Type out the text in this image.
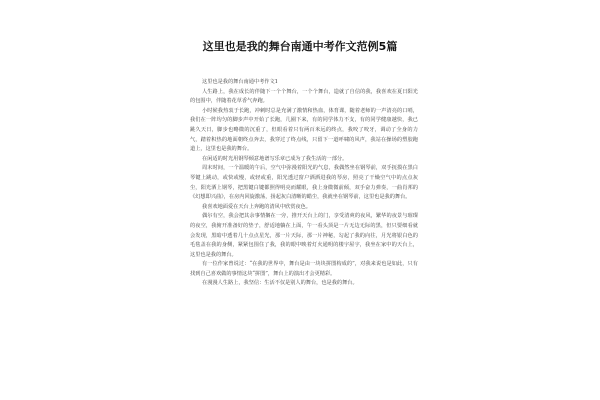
这里也是我的舞台南通中考作文范例5篇

这里也是我的舞台南通中考作文1

人生路上，我在成长的伴随下一个个舞台，一个个舞台，造就了自信的我，我喜欢在夏日阳光的包围中，伴随着花草香气奔跑。

小时候我热衷于长跑，冲刺时总是充满了激情和热血，体育课，随着老师的一声清亮的口哨，我们在一阵均匀的脚步声中开始了长跑，几圈下来，有的同学体力不支，有的同学健康越快，我已跳久天日，脚步也略微的沉重了，但眼看着只有两百米远的终点，我咬了咬牙，调动了全身的力气，踏着积热的地面朝终点奔去，我穿过了终点线，只留下一道呼啸的风声，我站在操场的塑胶跑道上，这里也是我的舞台。

在闲适的时光用钢琴倾意地谱写乐章已成为了我生活的一部分。

周末时间，一个温暖的午后，空气中弥漫着阳光的气息，我偶然坐在钢琴前，双手抚摸在黑白琴键上跳动，或快或慢，或轻或重，阳光透过窗户洒洒进我的琴房，照亮了干燥空气中的点点灰尘，阳光洒上钢琴，把黑键白键都照得明亮而耀眼，我上身微微前倾，双手奋力弹奏，一曲肖邦的《幻想即兴曲》，在房内回旋激荡，扬起灰白清晰的蜡尘，我就坐在钢琴前，这里也是我的舞台。

我喜欢地面爱在天台上奔跑的清风中欣赏夜色。

偶尔有空，我会把其余事情搁在一旁，推开天台上的门，享受清爽的夜风，繁华的夜景与璀璨的夜空，我俯开准备好的垫子，舒适地躺在上面，午一看头顶是一片无边无际的黑，但只要细看就会发现，黑暗中透着几十点点星光，那一片天际，那一片神秘，勾起了我的向往，月光将银白色的毛毯盖在我的身侧，紧紧包围住了我，我的眼中映着灯火通明的楼宇屋宇，我坐在家中的天台上，这里也是我的舞台。

有一位作家曾说过：“在我的世界中，舞台是由一块块拼图构成的”，对我来说也是如此，只有找到自己喜欢做的事情这块“拼图”，舞台上的演出才会更精彩。

在漫漫人生路上，我坚信：生活不仅是别人的舞台，也是我的舞台。
